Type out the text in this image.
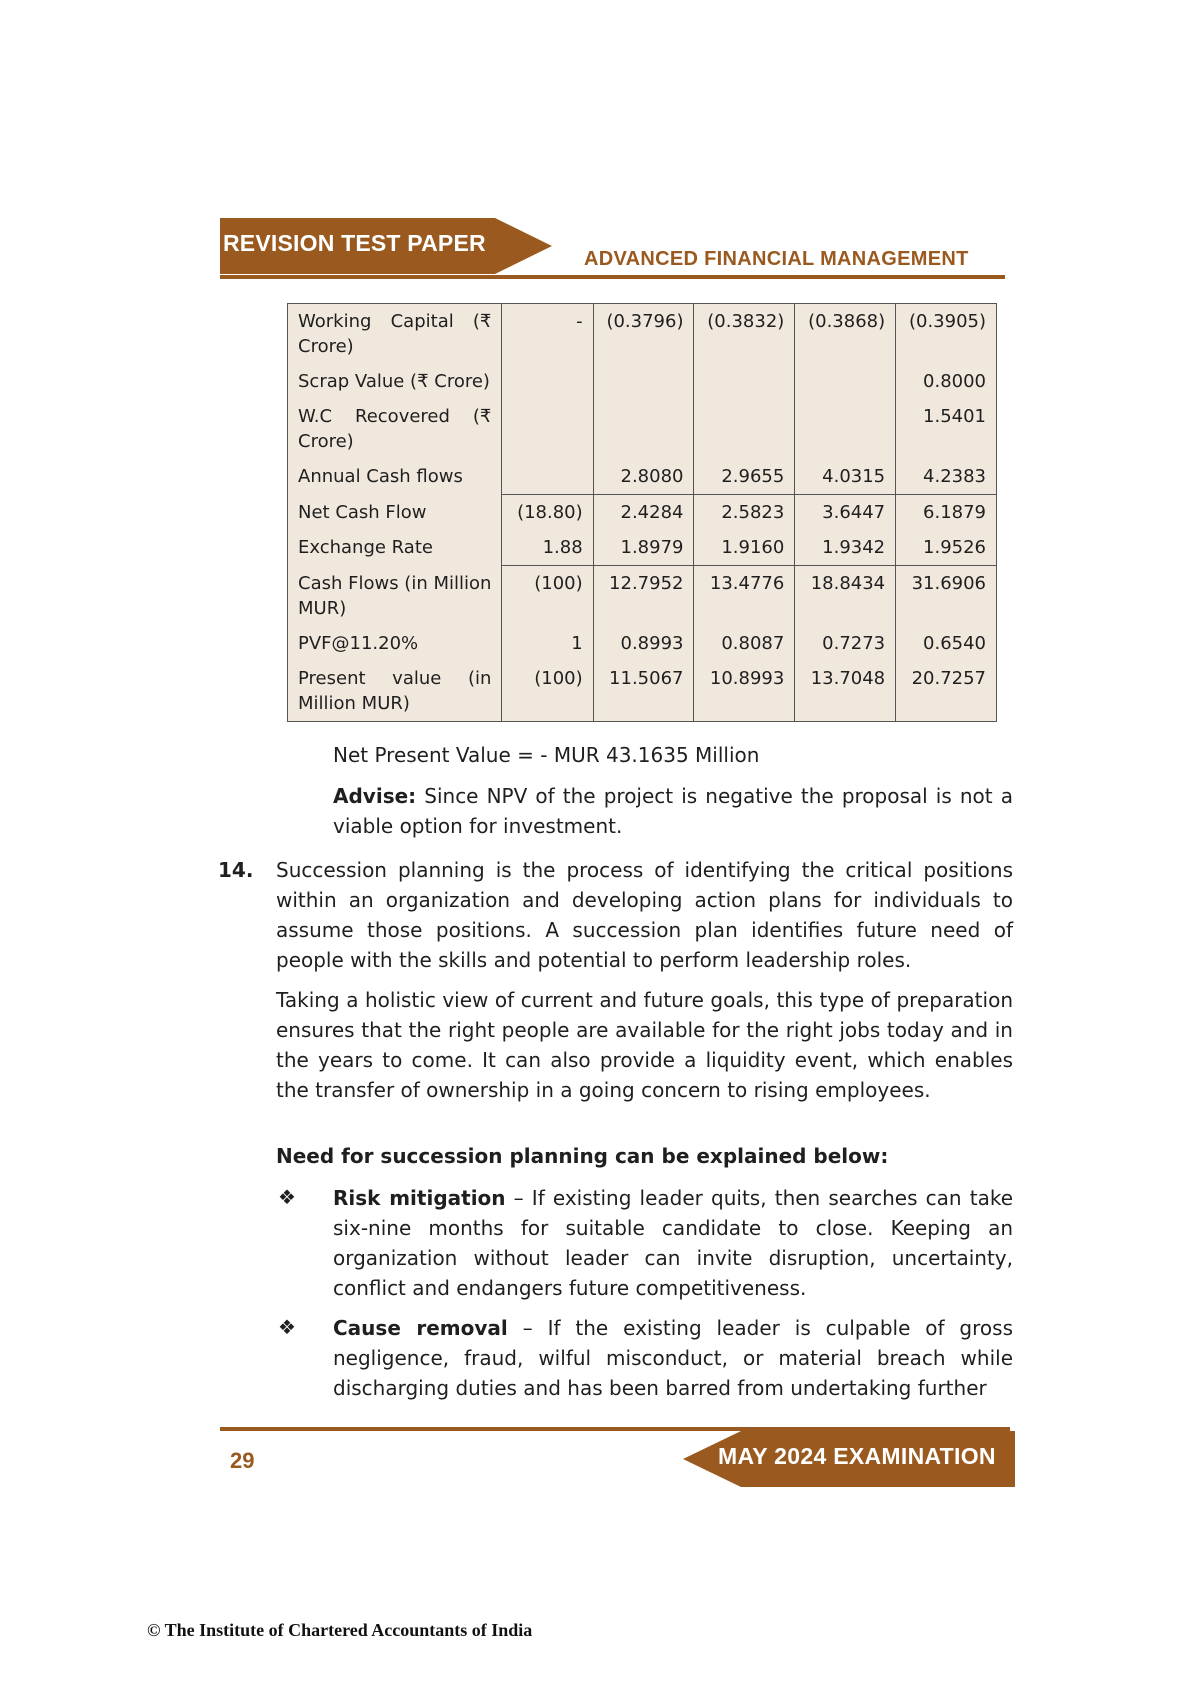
REVISION TEST PAPER
ADVANCED FINANCIAL MANAGEMENT
Working Capital (₹ Crore)	-	(0.3796)	(0.3832)	(0.3868)	(0.3905)
Scrap Value (₹ Crore)					0.8000
W.C Recovered (₹ Crore)					1.5401
Annual Cash flows		2.8080	2.9655	4.0315	4.2383
Net Cash Flow	(18.80)	2.4284	2.5823	3.6447	6.1879
Exchange Rate	1.88	1.8979	1.9160	1.9342	1.9526
Cash Flows (in Million MUR)	(100)	12.7952	13.4776	18.8434	31.6906
PVF@11.20%	1	0.8993	0.8087	0.7273	0.6540
Present value (in Million MUR)	(100)	11.5067	10.8993	13.7048	20.7257

Net Present Value = - MUR 43.1635 Million

Advise: Since NPV of the project is negative the proposal is not a viable option for investment.

14. Succession planning is the process of identifying the critical positions within an organization and developing action plans for individuals to assume those positions. A succession plan identifies future need of people with the skills and potential to perform leadership roles.

Taking a holistic view of current and future goals, this type of preparation ensures that the right people are available for the right jobs today and in the years to come. It can also provide a liquidity event, which enables the transfer of ownership in a going concern to rising employees.

Need for succession planning can be explained below:

❖ Risk mitigation – If existing leader quits, then searches can take six-nine months for suitable candidate to close. Keeping an organization without leader can invite disruption, uncertainty, conflict and endangers future competitiveness.

❖ Cause removal – If the existing leader is culpable of gross negligence, fraud, wilful misconduct, or material breach while discharging duties and has been barred from undertaking further

29	MAY 2024 EXAMINATION
© The Institute of Chartered Accountants of India
